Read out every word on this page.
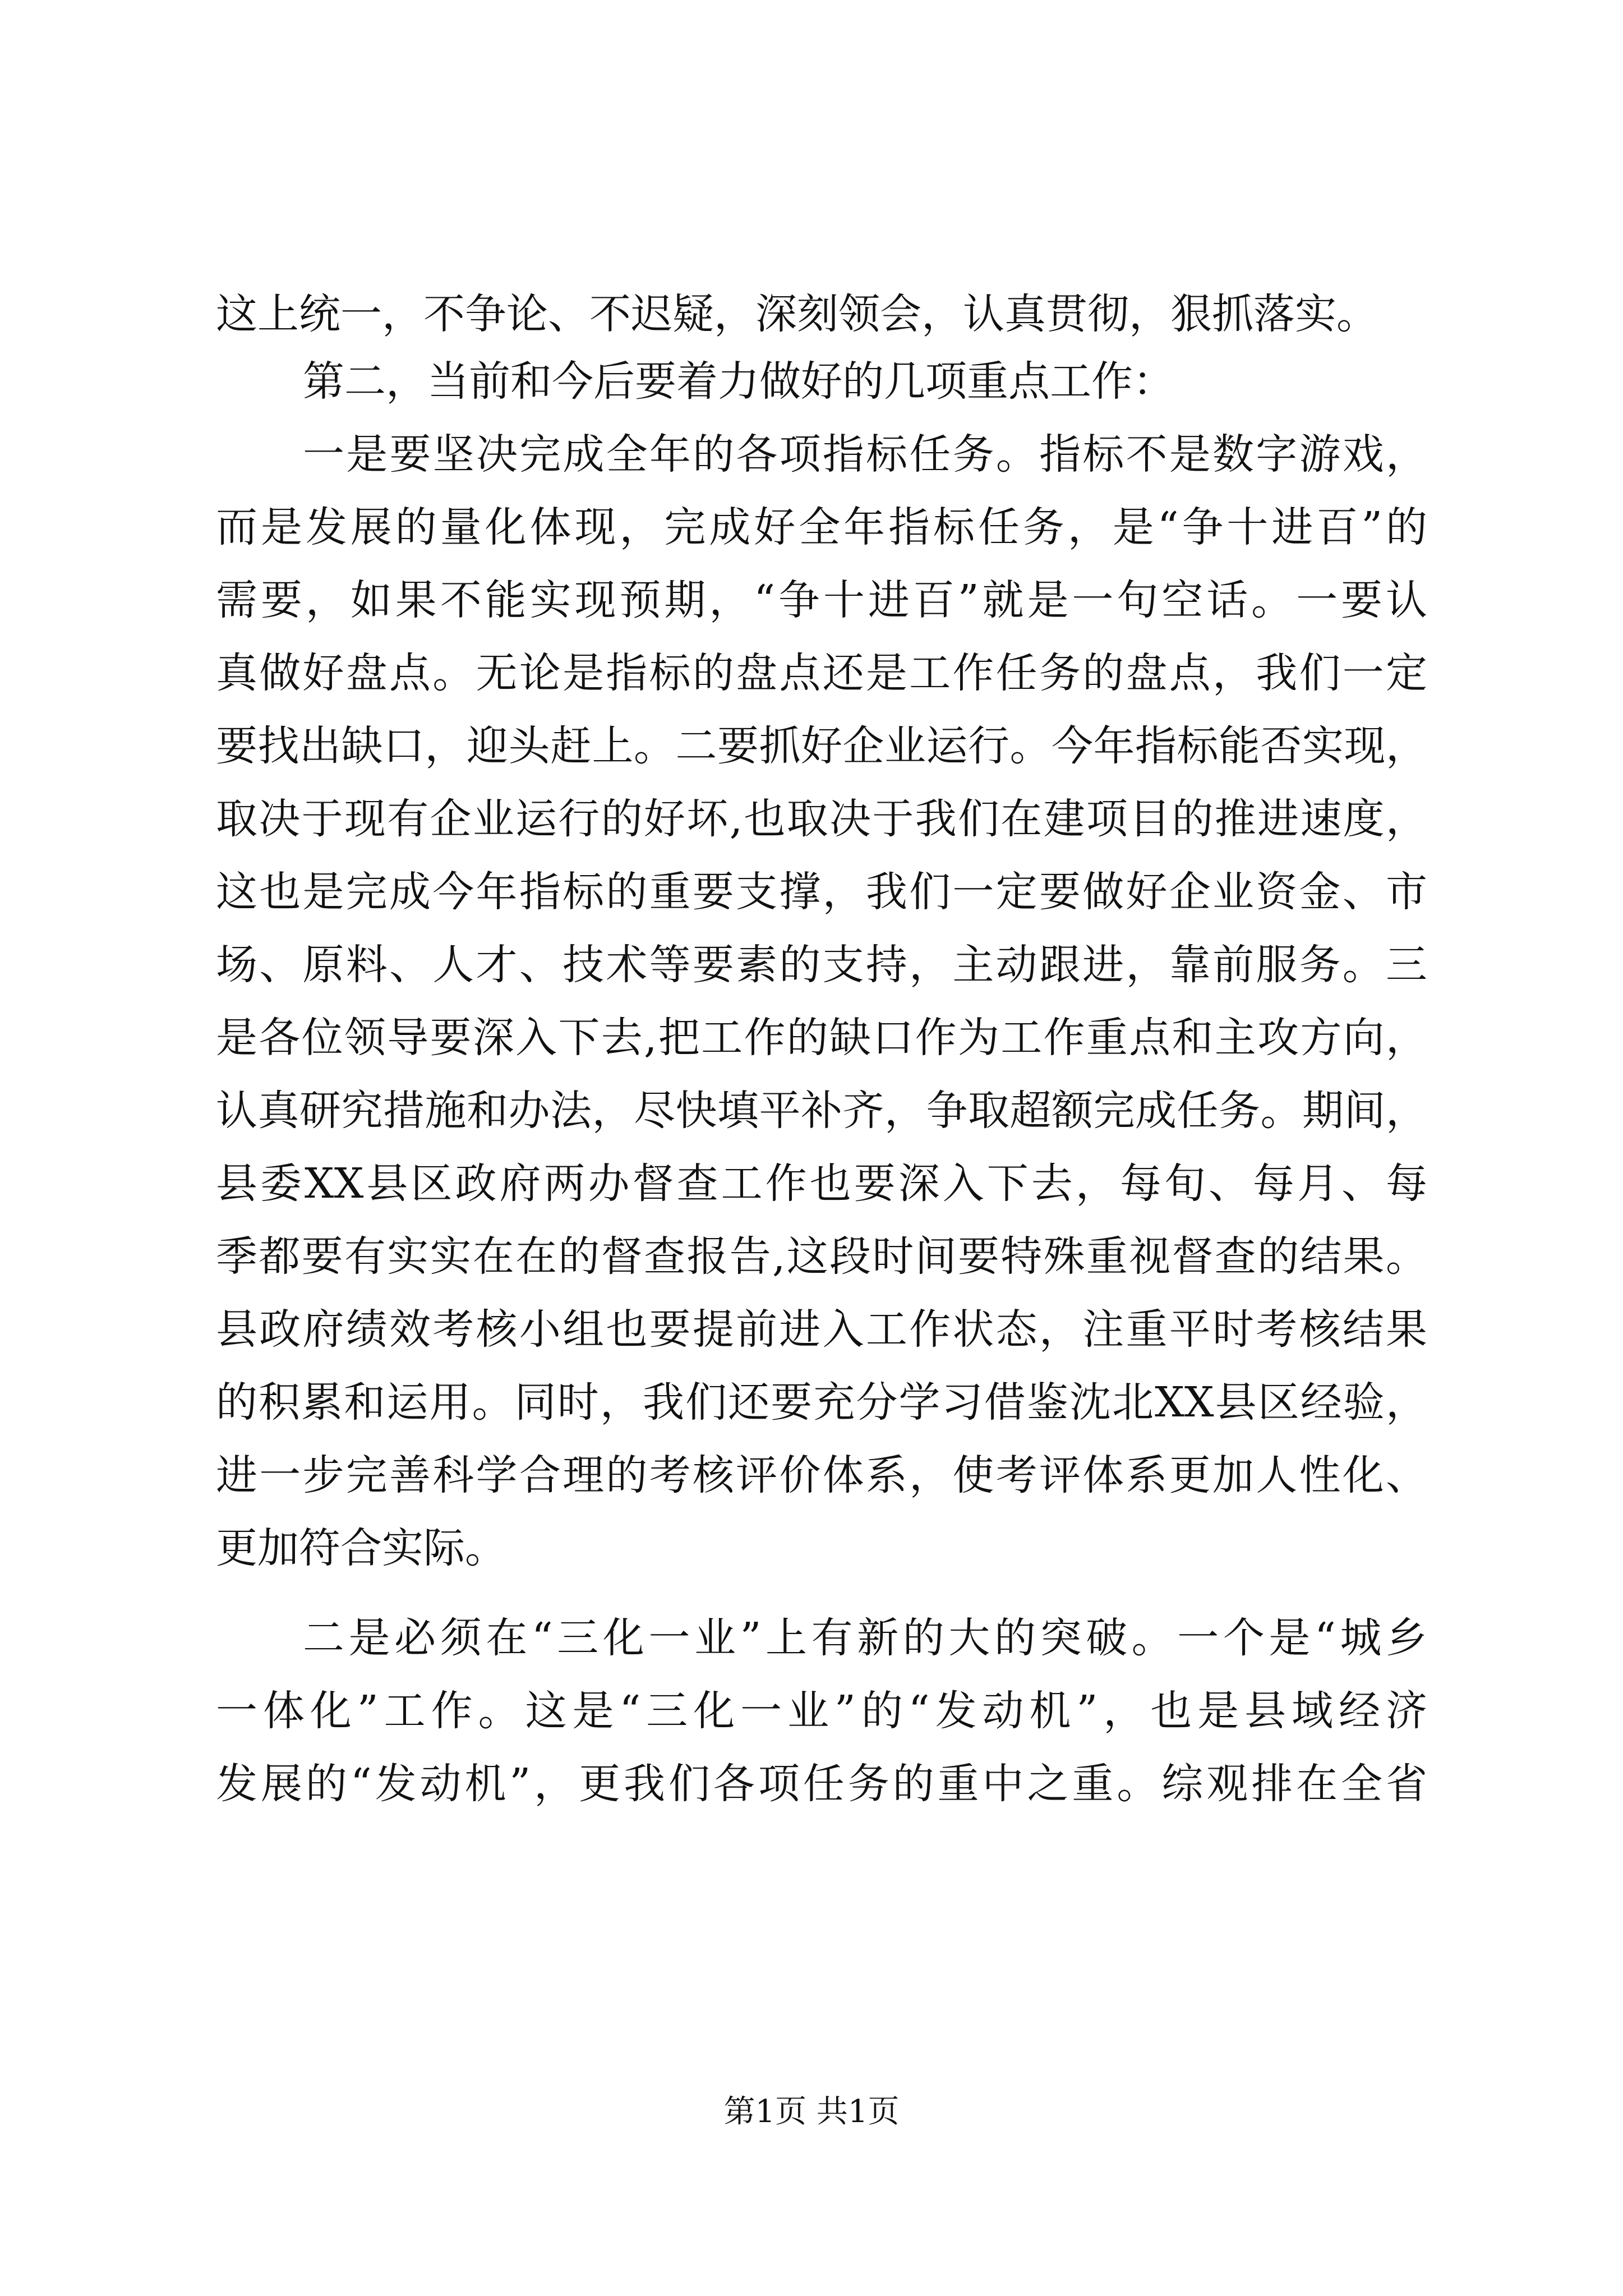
这上统一，不争论、不迟疑，深刻领会，认真贯彻，狠抓落实。
第二，当前和今后要着力做好的几项重点工作：
一是要坚决完成全年的各项指标任务。指标不是数字游戏，
而是发展的量化体现，完成好全年指标任务，是“争十进百”的
需要，如果不能实现预期，“争十进百”就是一句空话。一要认
真做好盘点。无论是指标的盘点还是工作任务的盘点，我们一定
要找出缺口，迎头赶上。二要抓好企业运行。今年指标能否实现，
取决于现有企业运行的好坏,也取决于我们在建项目的推进速度，
这也是完成今年指标的重要支撑，我们一定要做好企业资金、市
场、原料、人才、技术等要素的支持，主动跟进，靠前服务。三
是各位领导要深入下去,把工作的缺口作为工作重点和主攻方向，
认真研究措施和办法，尽快填平补齐，争取超额完成任务。期间，
县委XX县区政府两办督查工作也要深入下去，每旬、每月、每
季都要有实实在在的督查报告,这段时间要特殊重视督查的结果。
县政府绩效考核小组也要提前进入工作状态，注重平时考核结果
的积累和运用。同时，我们还要充分学习借鉴沈北XX县区经验，
进一步完善科学合理的考核评价体系，使考评体系更加人性化、
更加符合实际。
二是必须在“三化一业”上有新的大的突破。一个是“城乡
一体化”工作。这是“三化一业”的“发动机”，也是县域经济
发展的“发动机”，更我们各项任务的重中之重。综观排在全省
第1页 共1页
